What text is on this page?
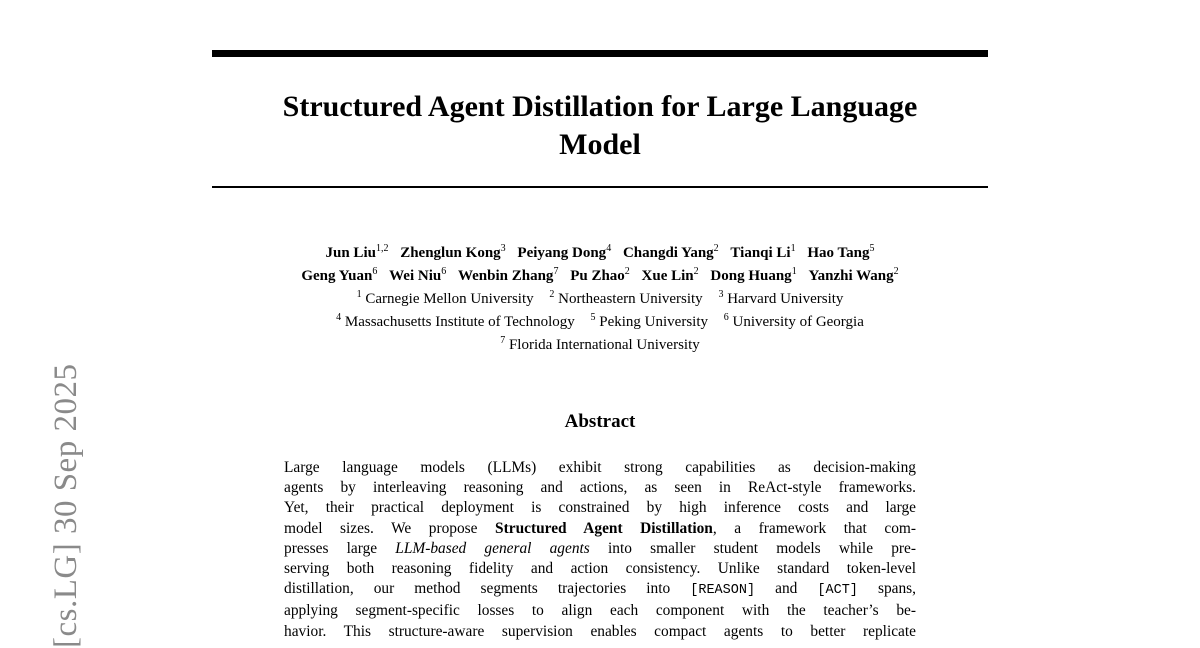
[cs.LG] 30 Sep 2025
Structured Agent Distillation for Large Language
Model
Jun Liu$^{1,2}$ Zhenglun Kong$^3$ Peiyang Dong$^4$ Changdi Yang$^2$ Tianqi Li$^1$ Hao Tang$^5$
Geng Yuan$^6$ Wei Niu$^6$ Wenbin Zhang$^7$ Pu Zhao$^2$ Xue Lin$^2$ Dong Huang$^1$ Yanzhi Wang$^2$
$^1$ Carnegie Mellon University $^2$ Northeastern University $^3$ Harvard University
$^4$ Massachusetts Institute of Technology $^5$ Peking University $^6$ University of Georgia
$^7$ Florida International University
Abstract
Large language models (LLMs) exhibit strong capabilities as decision-making
agents by interleaving reasoning and actions, as seen in ReAct-style frameworks.
Yet, their practical deployment is constrained by high inference costs and large
model sizes. We propose Structured Agent Distillation, a framework that com-
presses large LLM-based general agents into smaller student models while pre-
serving both reasoning fidelity and action consistency. Unlike standard token-level
distillation, our method segments trajectories into [REASON] and [ACT] spans,
applying segment-specific losses to align each component with the teacher’s be-
havior. This structure-aware supervision enables compact agents to better replicate
